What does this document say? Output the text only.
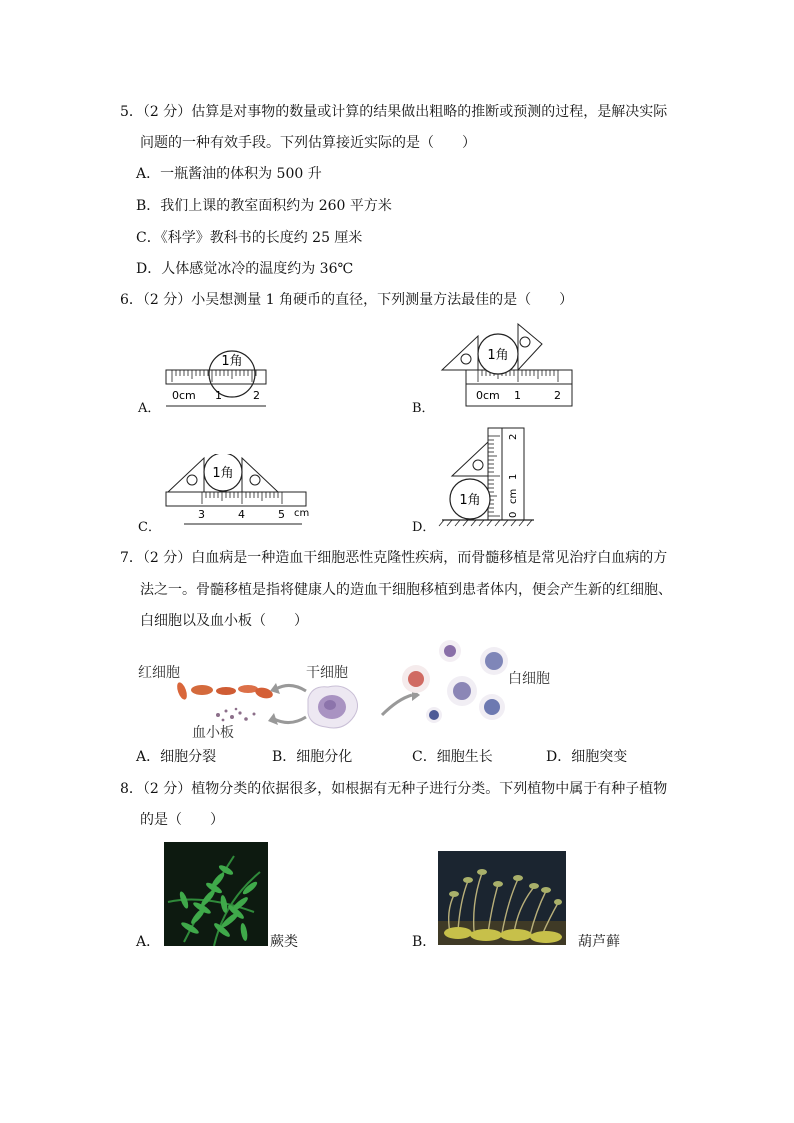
5．（2 分）估算是对事物的数量或计算的结果做出粗略的推断或预测的过程，是解决实际
问题的一种有效手段。下列估算接近实际的是（　　）
A．一瓶酱油的体积为 500 升
B．我们上课的教室面积约为 260 平方米
C．《科学》教科书的长度约 25 厘米
D．人体感觉冰冷的温度约为 36℃
6．（2 分）小吴想测量 1 角硬币的直径，下列测量方法最佳的是（　　）
A．
1角
0cm 1	2
B．
1角
0cm 1	2
C．
1角
3	4	5 cm
D．
0
cm
1
2
1角
7．（2 分）白血病是一种造血干细胞恶性克隆性疾病，而骨髓移植是常见治疗白血病的方
法之一。骨髓移植是指将健康人的造血干细胞移植到患者体内，便会产生新的红细胞、
白细胞以及血小板（　　）
红细胞
血小板
干细胞	白细胞
A．细胞分裂	B．细胞分化	C．细胞生长	D．细胞突变
8．（2 分）植物分类的依据很多，如根据有无种子进行分类。下列植物中属于有种子植物
的是（　　）
A．	蕨类	B．	葫芦藓
